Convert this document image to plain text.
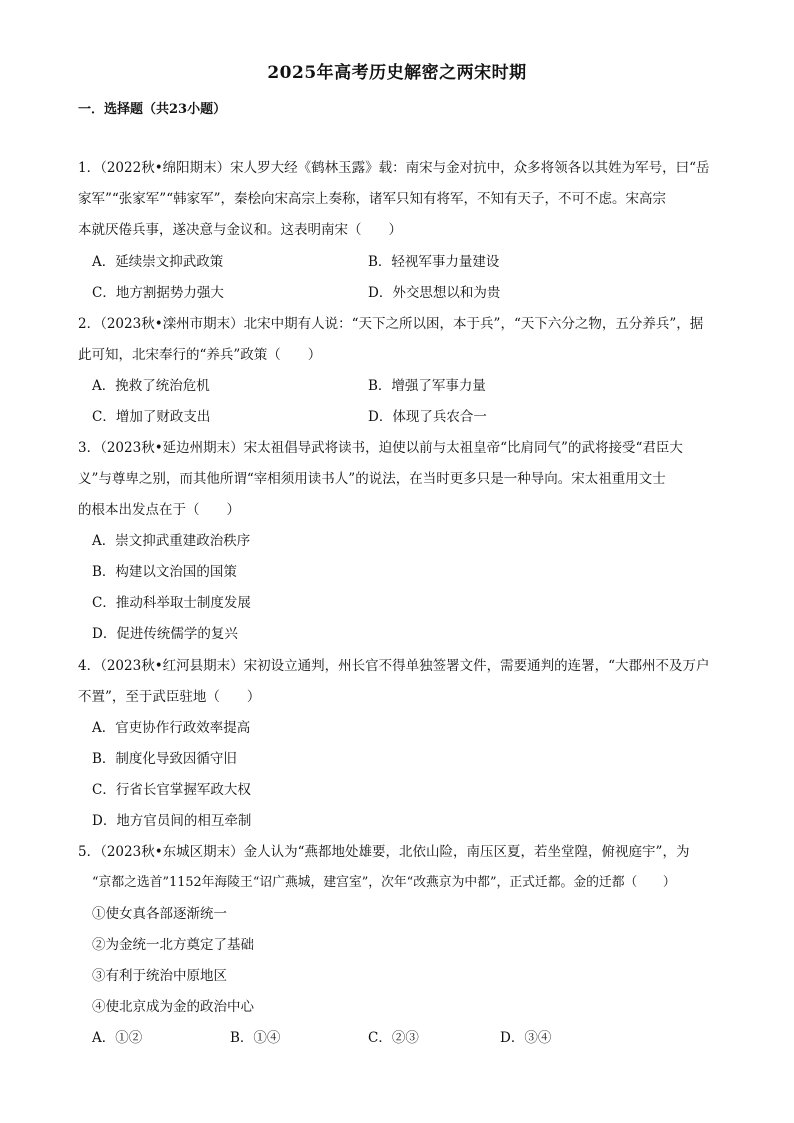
2025年高考历史解密之两宋时期
一．选择题（共23小题）
1．（2022秋•绵阳期末）宋人罗大经《鹤林玉露》载：南宋与金对抗中，众多将领各以其姓为军号，曰“岳
家军”“张家军”“韩家军”，秦桧向宋高宗上奏称，诸军只知有将军，不知有天子，不可不虑。宋高宗
本就厌倦兵事，遂决意与金议和。这表明南宋（　　）
A．延续崇文抑武政策	B．轻视军事力量建设
C．地方割据势力强大	D．外交思想以和为贵
2．（2023秋•滦州市期末）北宋中期有人说：“天下之所以困，本于兵”，“天下六分之物，五分养兵”，据
此可知，北宋奉行的“养兵”政策（　　）
A．挽救了统治危机	B．增强了军事力量
C．增加了财政支出	D．体现了兵农合一
3．（2023秋•延边州期末）宋太祖倡导武将读书，迫使以前与太祖皇帝“比肩同气”的武将接受“君臣大
义”与尊卑之别，而其他所谓“宰相须用读书人”的说法，在当时更多只是一种导向。宋太祖重用文士
的根本出发点在于（　　）
A．崇文抑武重建政治秩序
B．构建以文治国的国策
C．推动科举取士制度发展
D．促进传统儒学的复兴
4．（2023秋•红河县期末）宋初设立通判，州长官不得单独签署文件，需要通判的连署，“大郡州不及万户
不置”，至于武臣驻地（　　）
A．官吏协作行政效率提高
B．制度化导致因循守旧
C．行省长官掌握军政大权
D．地方官员间的相互牵制
5．（2023秋•东城区期末）金人认为“燕都地处雄要，北依山险，南压区夏，若坐堂隍，俯视庭宇”，为
“京都之选首”1152年海陵王“诏广燕城，建宫室”，次年“改燕京为中都”，正式迁都。金的迁都（　　）
①使女真各部逐渐统一
②为金统一北方奠定了基础
③有利于统治中原地区
④使北京成为金的政治中心
A．①②	B．①④	C．②③	D．③④
